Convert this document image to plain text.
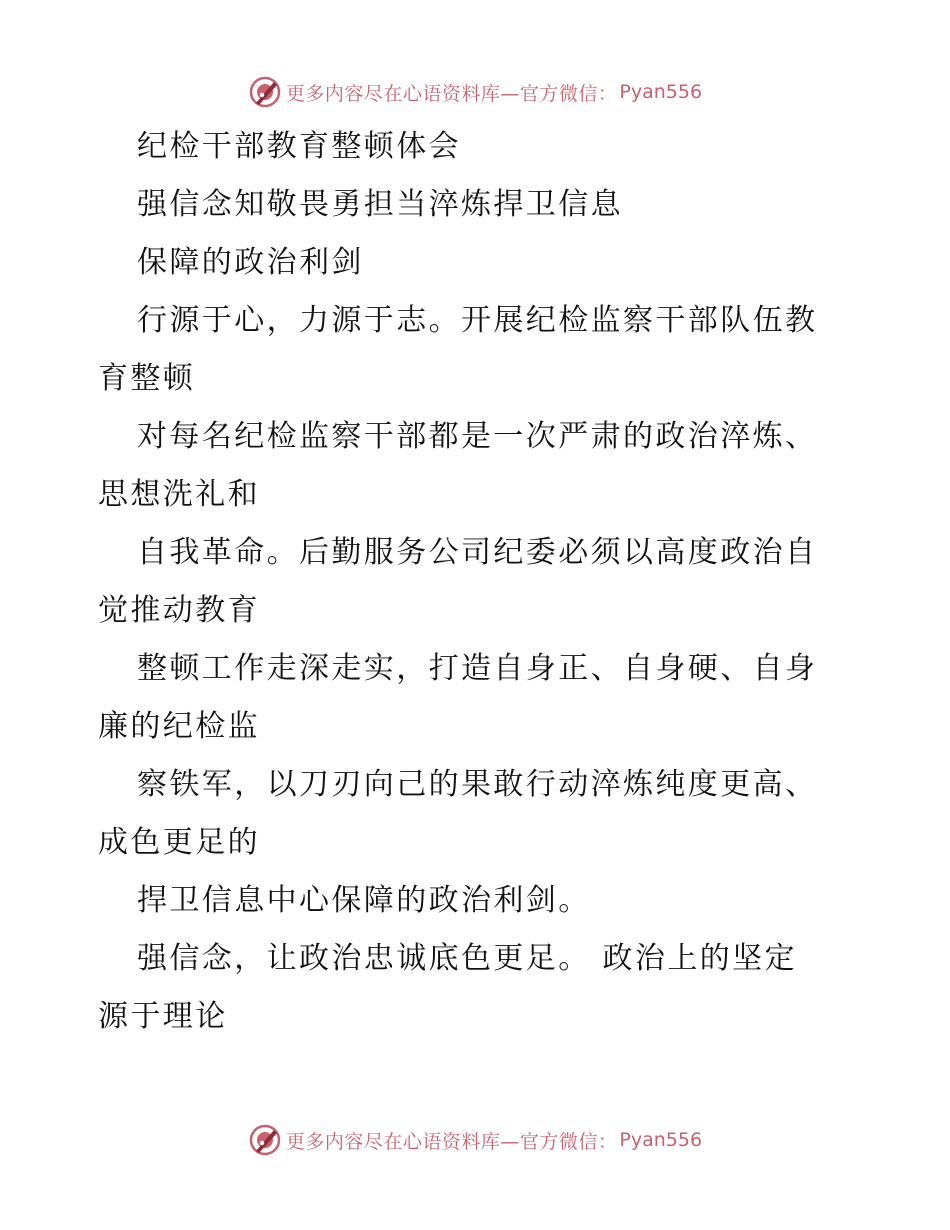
更多内容尽在心语资料库—官方微信： Pyan556
纪检干部教育整顿体会
强信念知敬畏勇担当淬炼捍卫信息
保障的政治利剑
行源于心，力源于志。开展纪检监察干部队伍教
育整顿
对每名纪检监察干部都是一次严肃的政治淬炼、
思想洗礼和
自我革命。后勤服务公司纪委必须以高度政治自
觉推动教育
整顿工作走深走实，打造自身正、自身硬、自身
廉的纪检监
察铁军，以刀刃向己的果敢行动淬炼纯度更高、
成色更足的
捍卫信息中心保障的政治利剑。
强信念，让政治忠诚底色更足。 政治上的坚定
源于理论
更多内容尽在心语资料库—官方微信： Pyan556
